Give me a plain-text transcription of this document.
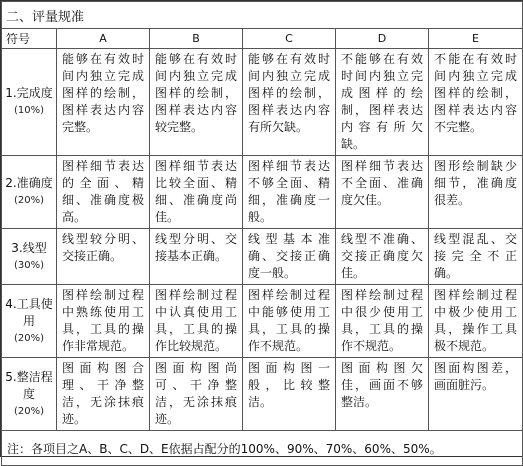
二、评量规准					
符号	A	B	C	D	E

1.完成度
(10%)	能够在有效时间内独立完成图样的绘制，图样表达内容完整。	能够在有效时间内独立完成图样的绘制，图样表达内容较完整。	能够在有效时间内独立完成图样的绘制，图样表达内容有所欠缺。	不能够在有效时间内独立完成图样的绘制，图样表达内容有所欠缺。	不能在有效时间内独立完成图样的绘制，图样表达内容不完整。

2.准确度
(20%)	图样细节表达的全面、精细、准确度极高。	图样细节表达比较全面、精细、准确度尚佳。	图样细节表达不够全面、精细，准确度一般。	图样细节表达不全面、准确度欠佳。	图形绘制缺少细节，准确度很差。

3.线型
(30%)	线型较分明、交接正确。	线型分明、交接基本正确。	线型基本准确、交接正确度一般。	线型不准确、交接正确度欠佳。	线型混乱、交接完全不正确。

4.工具使用
(20%)	图样绘制过程中熟练使用工具，工具的操作非常规范。	图样绘制过程中认真使用工具，工具的操作比较规范。	图样绘制过程中能够使用工具，工具的操作不规范。	图样绘制过程中很少使用工具，工具的操作不规范。	图样绘制过程中极少使用工具，操作工具极不规范。

5.整洁程度
(20%)	图面构图合理、干净整洁，无涂抹痕迹。	图面构图尚可、干净整洁，无涂抹痕迹。	图面构图一般，比较整洁。	图面构图欠佳，画面不够整洁。	图面构图差，画面脏污。
注：各项目之A、B、C、D、E依据占配分的100%、90%、70%、60%、50%。					
